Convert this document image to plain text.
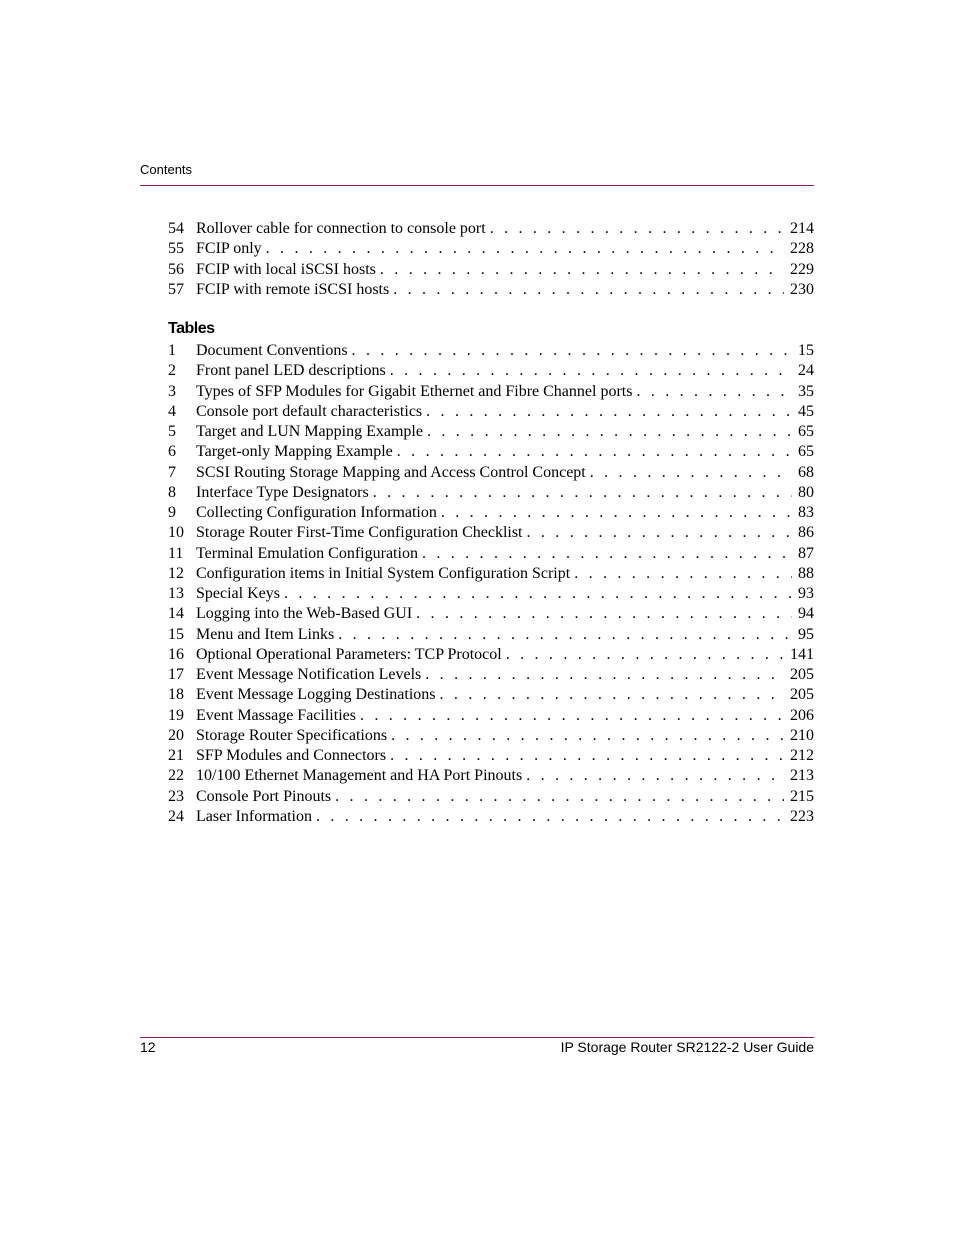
Contents
54 Rollover cable for connection to console port . . .	214
55 FCIP only . . .	228
56 FCIP with local iSCSI hosts . . .	229
57 FCIP with remote iSCSI hosts . . .	230
Tables
1	Document Conventions . . .	15
2	Front panel LED descriptions . . .	24
3	Types of SFP Modules for Gigabit Ethernet and Fibre Channel ports . . .	35
4	Console port default characteristics . . .	45
5	Target and LUN Mapping Example . . .	65
6	Target-only Mapping Example . . .	65
7	SCSI Routing Storage Mapping and Access Control Concept . . .	68
8	Interface Type Designators . . .	80
9	Collecting Configuration Information . . .	83
10 Storage Router First-Time Configuration Checklist . . .	86
11 Terminal Emulation Configuration . . .	87
12 Configuration items in Initial System Configuration Script . . .	88
13 Special Keys . . .	93
14 Logging into the Web-Based GUI . . .	94
15 Menu and Item Links . . .	95
16 Optional Operational Parameters: TCP Protocol . . .	141
17 Event Message Notification Levels . . .	205
18 Event Message Logging Destinations . . .	205
19 Event Massage Facilities . . .	206
20 Storage Router Specifications . . .	210
21 SFP Modules and Connectors . . .	212
22 10/100 Ethernet Management and HA Port Pinouts . . .	213
23 Console Port Pinouts . . .	215
24 Laser Information . . .	223
12	IP Storage Router SR2122-2 User Guide
